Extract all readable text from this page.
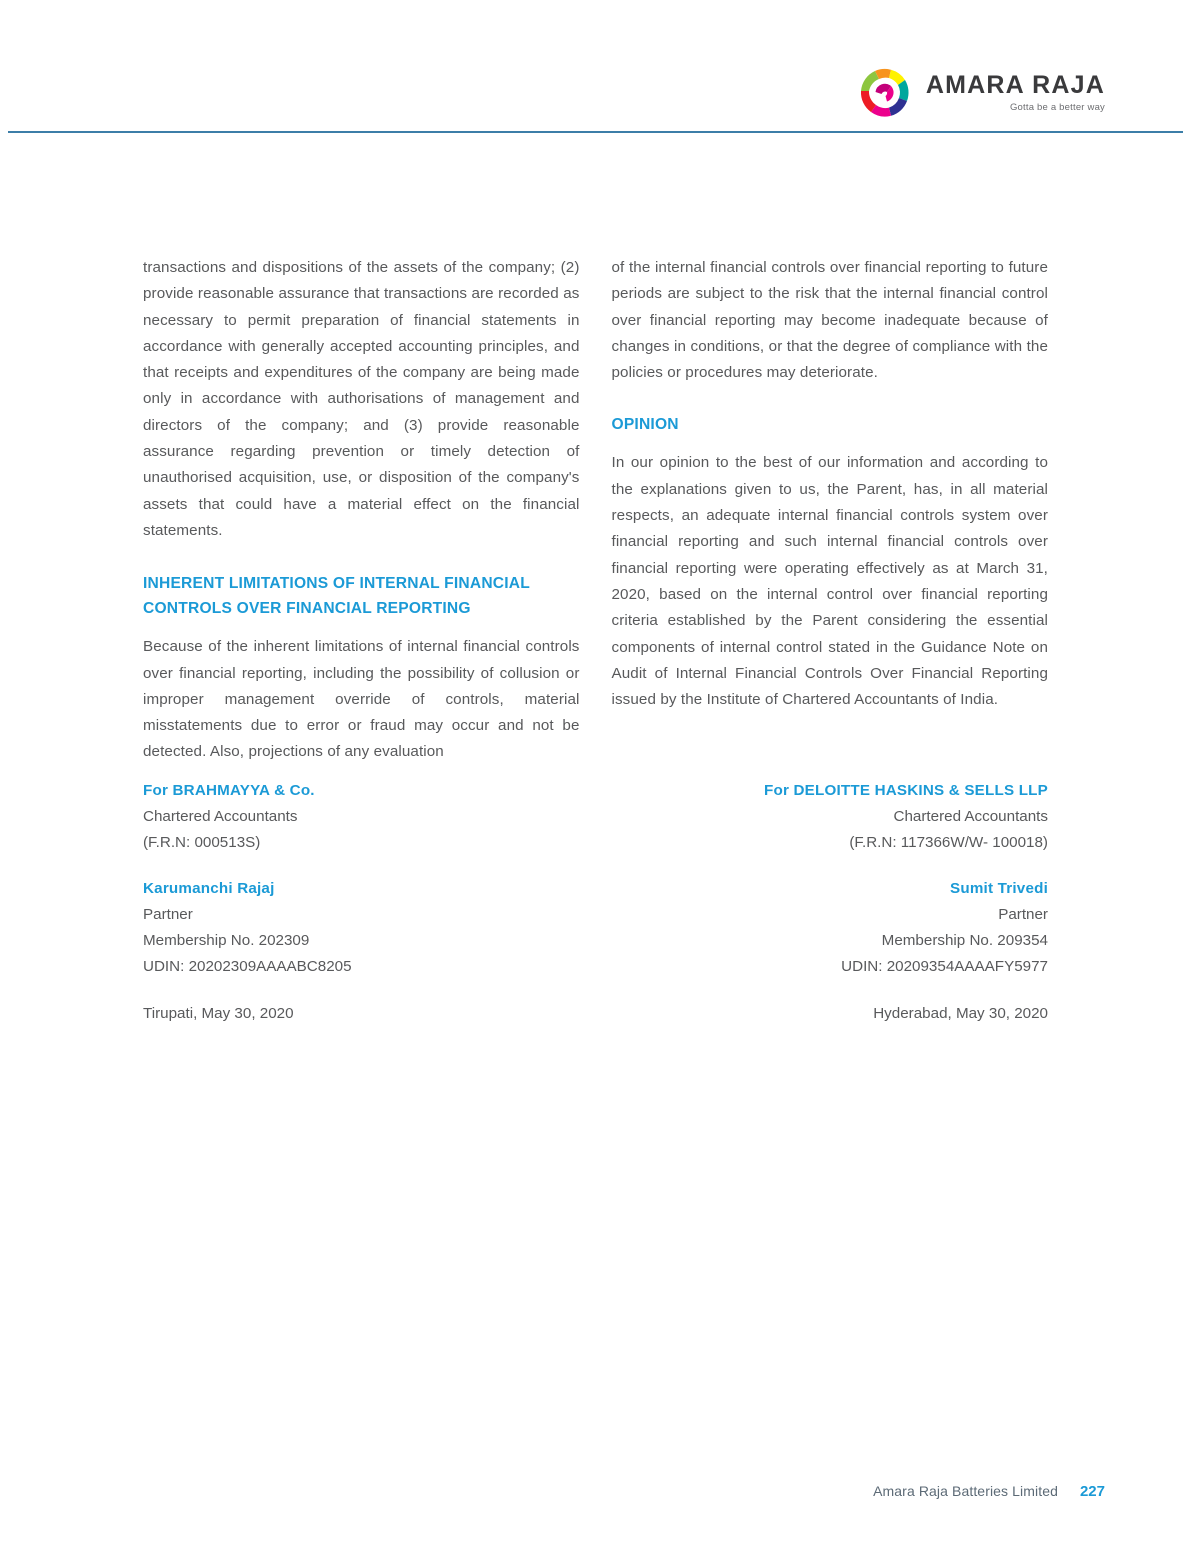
AMARA RAJA
Gotta be a better way

transactions and dispositions of the assets of the company; (2) provide reasonable assurance that transactions are recorded as necessary to permit preparation of financial statements in accordance with generally accepted accounting principles, and that receipts and expenditures of the company are being made only in accordance with authorisations of management and directors of the company; and (3) provide reasonable assurance regarding prevention or timely detection of unauthorised acquisition, use, or disposition of the company's assets that could have a material effect on the financial statements.

INHERENT LIMITATIONS OF INTERNAL FINANCIAL CONTROLS OVER FINANCIAL REPORTING

Because of the inherent limitations of internal financial controls over financial reporting, including the possibility of collusion or improper management override of controls, material misstatements due to error or fraud may occur and not be detected. Also, projections of any evaluation

of the internal financial controls over financial reporting to future periods are subject to the risk that the internal financial control over financial reporting may become inadequate because of changes in conditions, or that the degree of compliance with the policies or procedures may deteriorate.

OPINION

In our opinion to the best of our information and according to the explanations given to us, the Parent, has, in all material respects, an adequate internal financial controls system over financial reporting and such internal financial controls over financial reporting were operating effectively as at March 31, 2020, based on the internal control over financial reporting criteria established by the Parent considering the essential components of internal control stated in the Guidance Note on Audit of Internal Financial Controls Over Financial Reporting issued by the Institute of Chartered Accountants of India.

For BRAHMAYYA & Co.
Chartered Accountants
(F.R.N: 000513S)
Karumanchi Rajaj
Partner
Membership No. 202309
UDIN: 20202309AAAABC8205
Tirupati, May 30, 2020
For DELOITTE HASKINS & SELLS LLP
Chartered Accountants
(F.R.N: 117366W/W- 100018)
Sumit Trivedi
Partner
Membership No. 209354
UDIN: 20209354AAAAFY5977
Hyderabad, May 30, 2020
Amara Raja Batteries Limited 227
